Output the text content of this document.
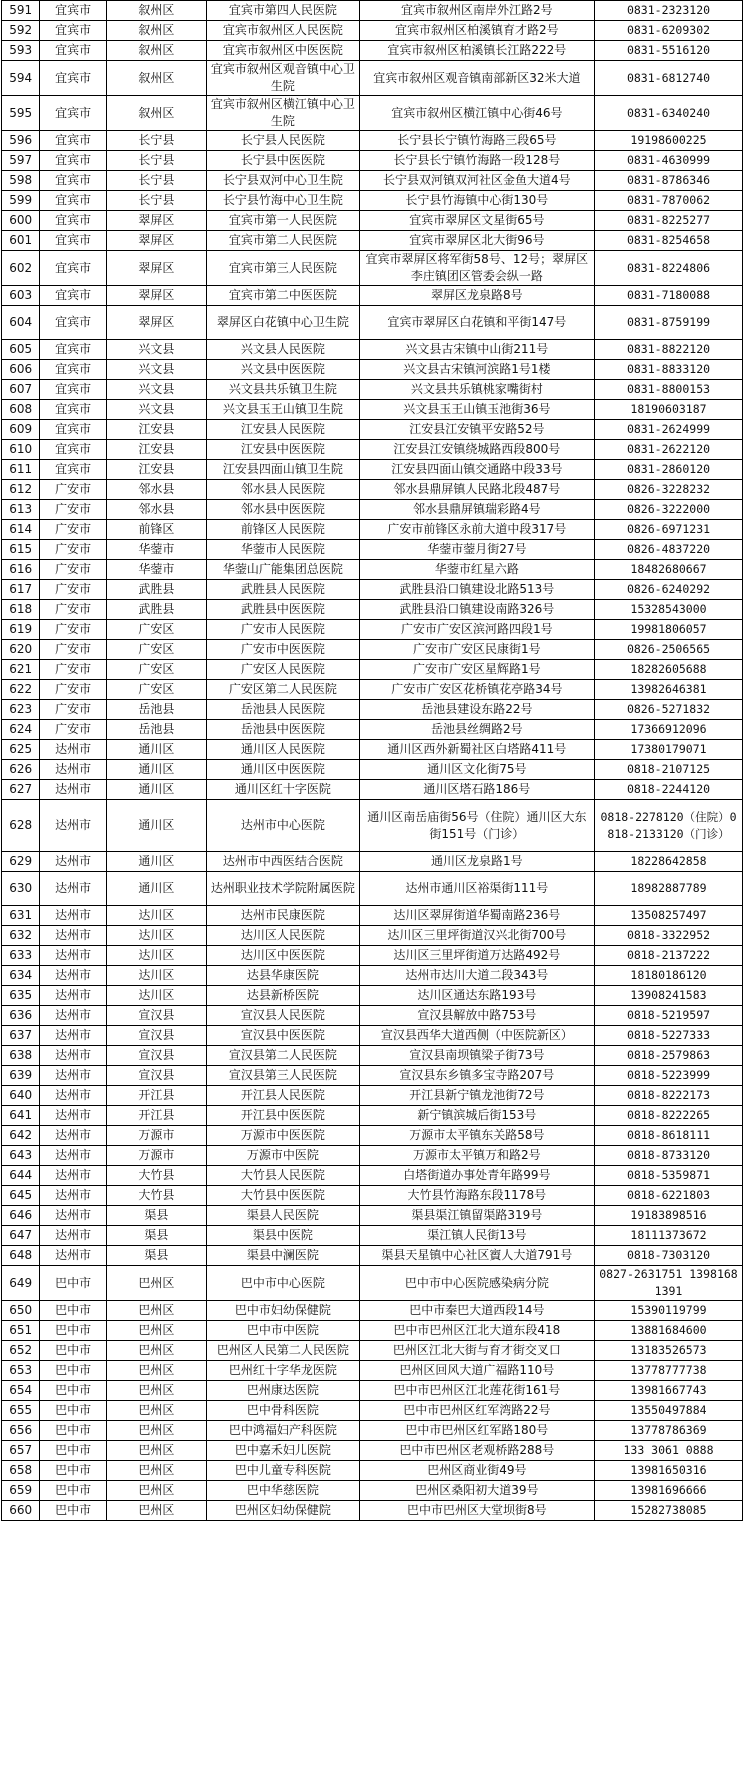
591	宜宾市	叙州区	宜宾市第四人民医院	宜宾市叙州区南岸外江路2号	0831-2323120
592	宜宾市	叙州区	宜宾市叙州区人民医院	宜宾市叙州区柏溪镇育才路2号	0831-6209302
593	宜宾市	叙州区	宜宾市叙州区中医医院	宜宾市叙州区柏溪镇长江路222号	0831-5516120
594	宜宾市	叙州区	宜宾市叙州区观音镇中心卫生院	宜宾市叙州区观音镇南部新区32米大道	0831-6812740
595	宜宾市	叙州区	宜宾市叙州区横江镇中心卫生院	宜宾市叙州区横江镇中心街46号	0831-6340240
596	宜宾市	长宁县	长宁县人民医院	长宁县长宁镇竹海路三段65号	19198600225
597	宜宾市	长宁县	长宁县中医医院	长宁县长宁镇竹海路一段128号	0831-4630999
598	宜宾市	长宁县	长宁县双河中心卫生院	长宁县双河镇双河社区金鱼大道4号	0831-8786346
599	宜宾市	长宁县	长宁县竹海中心卫生院	长宁县竹海镇中心街130号	0831-7870062
600	宜宾市	翠屏区	宜宾市第一人民医院	宜宾市翠屏区文星街65号	0831-8225277
601	宜宾市	翠屏区	宜宾市第二人民医院	宜宾市翠屏区北大街96号	0831-8254658
602	宜宾市	翠屏区	宜宾市第三人民医院	宜宾市翠屏区将军街58号、12号；翠屏区李庄镇团区管委会纵一路	0831-8224806
603	宜宾市	翠屏区	宜宾市第二中医医院	翠屏区龙泉路8号	0831-7180088
604	宜宾市	翠屏区	翠屏区白花镇中心卫生院	宜宾市翠屏区白花镇和平街147号	0831-8759199
605	宜宾市	兴文县	兴文县人民医院	兴文县古宋镇中山街211号	0831-8822120
606	宜宾市	兴文县	兴文县中医医院	兴文县古宋镇河滨路1号1楼	0831-8833120
607	宜宾市	兴文县	兴文县共乐镇卫生院	兴文县共乐镇桃家嘴街村	0831-8800153
608	宜宾市	兴文县	兴文县玉王山镇卫生院	兴文县玉王山镇玉池街36号	18190603187
609	宜宾市	江安县	江安县人民医院	江安县江安镇平安路52号	0831-2624999
610	宜宾市	江安县	江安县中医医院	江安县江安镇绕城路西段800号	0831-2622120
611	宜宾市	江安县	江安县四面山镇卫生院	江安县四面山镇交通路中段33号	0831-2860120
612	广安市	邻水县	邻水县人民医院	邻水县鼎屏镇人民路北段487号	0826-3228232
613	广安市	邻水县	邻水县中医医院	邻水县鼎屏镇瑞彩路4号	0826-3222000
614	广安市	前锋区	前锋区人民医院	广安市前锋区永前大道中段317号	0826-6971231
615	广安市	华蓥市	华蓥市人民医院	华蓥市蓥月街27号	0826-4837220
616	广安市	华蓥市	华蓥山广能集团总医院	华蓥市红星六路	18482680667
617	广安市	武胜县	武胜县人民医院	武胜县沿口镇建设北路513号	0826-6240292
618	广安市	武胜县	武胜县中医医院	武胜县沿口镇建设南路326号	15328543000
619	广安市	广安区	广安市人民医院	广安市广安区滨河路四段1号	19981806057
620	广安市	广安区	广安市中医医院	广安市广安区民康街1号	0826-2506565
621	广安市	广安区	广安区人民医院	广安市广安区星辉路1号	18282605688
622	广安市	广安区	广安区第二人民医院	广安市广安区花桥镇花亭路34号	13982646381
623	广安市	岳池县	岳池县人民医院	岳池县建设东路22号	0826-5271832
624	广安市	岳池县	岳池县中医医院	岳池县丝绸路2号	17366912096
625	达州市	通川区	通川区人民医院	通川区西外新蜀社区白塔路411号	17380179071
626	达州市	通川区	通川区中医医院	通川区文化街75号	0818-2107125
627	达州市	通川区	通川区红十字医院	通川区塔石路186号	0818-2244120
628	达州市	通川区	达州市中心医院	通川区南岳庙街56号（住院）通川区大东街151号（门诊）	0818-2278120（住院）0818-2133120（门诊）
629	达州市	通川区	达州市中西医结合医院	通川区龙泉路1号	18228642858
630	达州市	通川区	达州职业技术学院附属医院	达州市通川区裕渠街111号	18982887789
631	达州市	达川区	达州市民康医院	达川区翠屏街道华蜀南路236号	13508257497
632	达州市	达川区	达川区人民医院	达川区三里坪街道汉兴北街700号	0818-3322952
633	达州市	达川区	达川区中医医院	达川区三里坪街道万达路492号	0818-2137222
634	达州市	达川区	达县华康医院	达州市达川大道二段343号	18180186120
635	达州市	达川区	达县新桥医院	达川区通达东路193号	13908241583
636	达州市	宣汉县	宣汉县人民医院	宣汉县解放中路753号	0818-5219597
637	达州市	宣汉县	宣汉县中医医院	宣汉县西华大道西侧（中医院新区）	0818-5227333
638	达州市	宣汉县	宣汉县第二人民医院	宣汉县南坝镇梁子街73号	0818-2579863
639	达州市	宣汉县	宣汉县第三人民医院	宣汉县东乡镇多宝寺路207号	0818-5223999
640	达州市	开江县	开江县人民医院	开江县新宁镇龙池街72号	0818-8222173
641	达州市	开江县	开江县中医医院	新宁镇滨城后街153号	0818-8222265
642	达州市	万源市	万源市中医医院	万源市太平镇东关路58号	0818-8618111
643	达州市	万源市	万源市中医院	万源市太平镇万和路2号	0818-8733120
644	达州市	大竹县	大竹县人民医院	白塔街道办事处青年路99号	0818-5359871
645	达州市	大竹县	大竹县中医医院	大竹县竹海路东段1178号	0818-6221803
646	达州市	渠县	渠县人民医院	渠县渠江镇留渠路319号	19183898516
647	达州市	渠县	渠县中医院	渠江镇人民街13号	18111373672
648	达州市	渠县	渠县中澜医院	渠县天星镇中心社区賨人大道791号	0818-7303120
649	巴中市	巴州区	巴中市中心医院	巴中市中心医院感染病分院	0827-2631751 13981681391
650	巴中市	巴州区	巴中市妇幼保健院	巴中市秦巴大道西段14号	15390119799
651	巴中市	巴州区	巴中市中医院	巴中市巴州区江北大道东段418	13881684600
652	巴中市	巴州区	巴州区人民第二人民医院	巴州区江北大街与育才街交叉口	13183526573
653	巴中市	巴州区	巴州红十字华龙医院	巴州区回风大道广福路110号	13778777738
654	巴中市	巴州区	巴州康达医院	巴中市巴州区江北莲花街161号	13981667743
655	巴中市	巴州区	巴中骨科医院	巴中市巴州区红军湾路22号	13550497884
656	巴中市	巴州区	巴中鸿福妇产科医院	巴中市巴州区红军路180号	13778786369
657	巴中市	巴州区	巴中嘉禾妇儿医院	巴中市巴州区老观桥路288号	133 3061 0888
658	巴中市	巴州区	巴中儿童专科医院	巴州区商业街49号	13981650316
659	巴中市	巴州区	巴中华慈医院	巴州区桑阳初大道39号	13981696666
660	巴中市	巴州区	巴州区妇幼保健院	巴中市巴州区大堂坝街8号	15282738085
